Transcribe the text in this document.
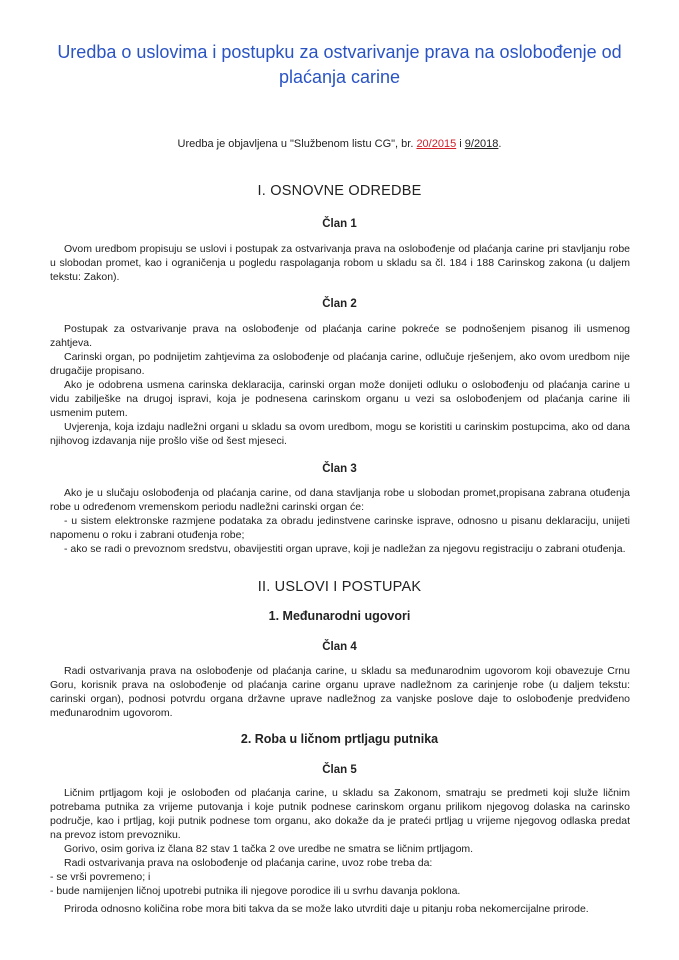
Uredba o uslovima i postupku za ostvarivanje prava na oslobođenje od plaćanja carine
Uredba je objavljena u "Službenom listu CG", br. 20/2015 i 9/2018.
I. OSNOVNE ODREDBE
Član 1

Ovom uredbom propisuju se uslovi i postupak za ostvarivanja prava na oslobođenje od plaćanja carine pri stavljanju robe u slobodan promet, kao i ograničenja u pogledu raspolaganja robom u skladu sa čl. 184 i 188 Carinskog zakona (u daljem tekstu: Zakon).

Član 2

Postupak za ostvarivanje prava na oslobođenje od plaćanja carine pokreće se podnošenjem pisanog ili usmenog zahtjeva.

Carinski organ, po podnijetim zahtjevima za oslobođenje od plaćanja carine, odlučuje rješenjem, ako ovom uredbom nije drugačije propisano.

Ako je odobrena usmena carinska deklaracija, carinski organ može donijeti odluku o oslobođenju od plaćanja carine u vidu zabilješke na drugoj ispravi, koja je podnesena carinskom organu u vezi sa oslobođenjem od plaćanja carine ili usmenim putem.

Uvjerenja, koja izdaju nadležni organi u skladu sa ovom uredbom, mogu se koristiti u carinskim postupcima, ako od dana njihovog izdavanja nije prošlo više od šest mjeseci.

Član 3

Ako je u slučaju oslobođenja od plaćanja carine, od dana stavljanja robe u slobodan promet,propisana zabrana otuđenja robe u određenom vremenskom periodu nadležni carinski organ će:

- u sistem elektronske razmjene podataka za obradu jedinstvene carinske isprave, odnosno u pisanu deklaraciju, unijeti napomenu o roku i zabrani otuđenja robe;

- ako se radi o prevoznom sredstvu, obavijestiti organ uprave, koji je nadležan za njegovu registraciju o zabrani otuđenja.

II. USLOVI I POSTUPAK
1. Međunarodni ugovori
Član 4

Radi ostvarivanja prava na oslobođenje od plaćanja carine, u skladu sa međunarodnim ugovorom koji obavezuje Crnu Goru, korisnik prava na oslobođenje od plaćanja carine organu uprave nadležnom za carinjenje robe (u daljem tekstu: carinski organ), podnosi potvrdu organa državne uprave nadležnog za vanjske poslove daje to oslobođenje predviđeno međunarodnim ugovorom.

2. Roba u ličnom prtljagu putnika
Član 5

Ličnim prtljagom koji je oslobođen od plaćanja carine, u skladu sa Zakonom, smatraju se predmeti koji služe ličnim potrebama putnika za vrijeme putovanja i koje putnik podnese carinskom organu prilikom njegovog dolaska na carinsko područje, kao i prtljag, koji putnik podnese tom organu, ako dokaže da je prateći prtljag u vrijeme njegovog odlaska predat na prevoz istom prevozniku.

Gorivo, osim goriva iz člana 82 stav 1 tačka 2 ove uredbe ne smatra se ličnim prtljagom.

Radi ostvarivanja prava na oslobođenje od plaćanja carine, uvoz robe treba da:

- se vrši povremeno; i

- bude namijenjen ličnoj upotrebi putnika ili njegove porodice ili u svrhu davanja poklona.

Priroda odnosno količina robe mora biti takva da se može lako utvrditi daje u pitanju roba nekomercijalne prirode.
